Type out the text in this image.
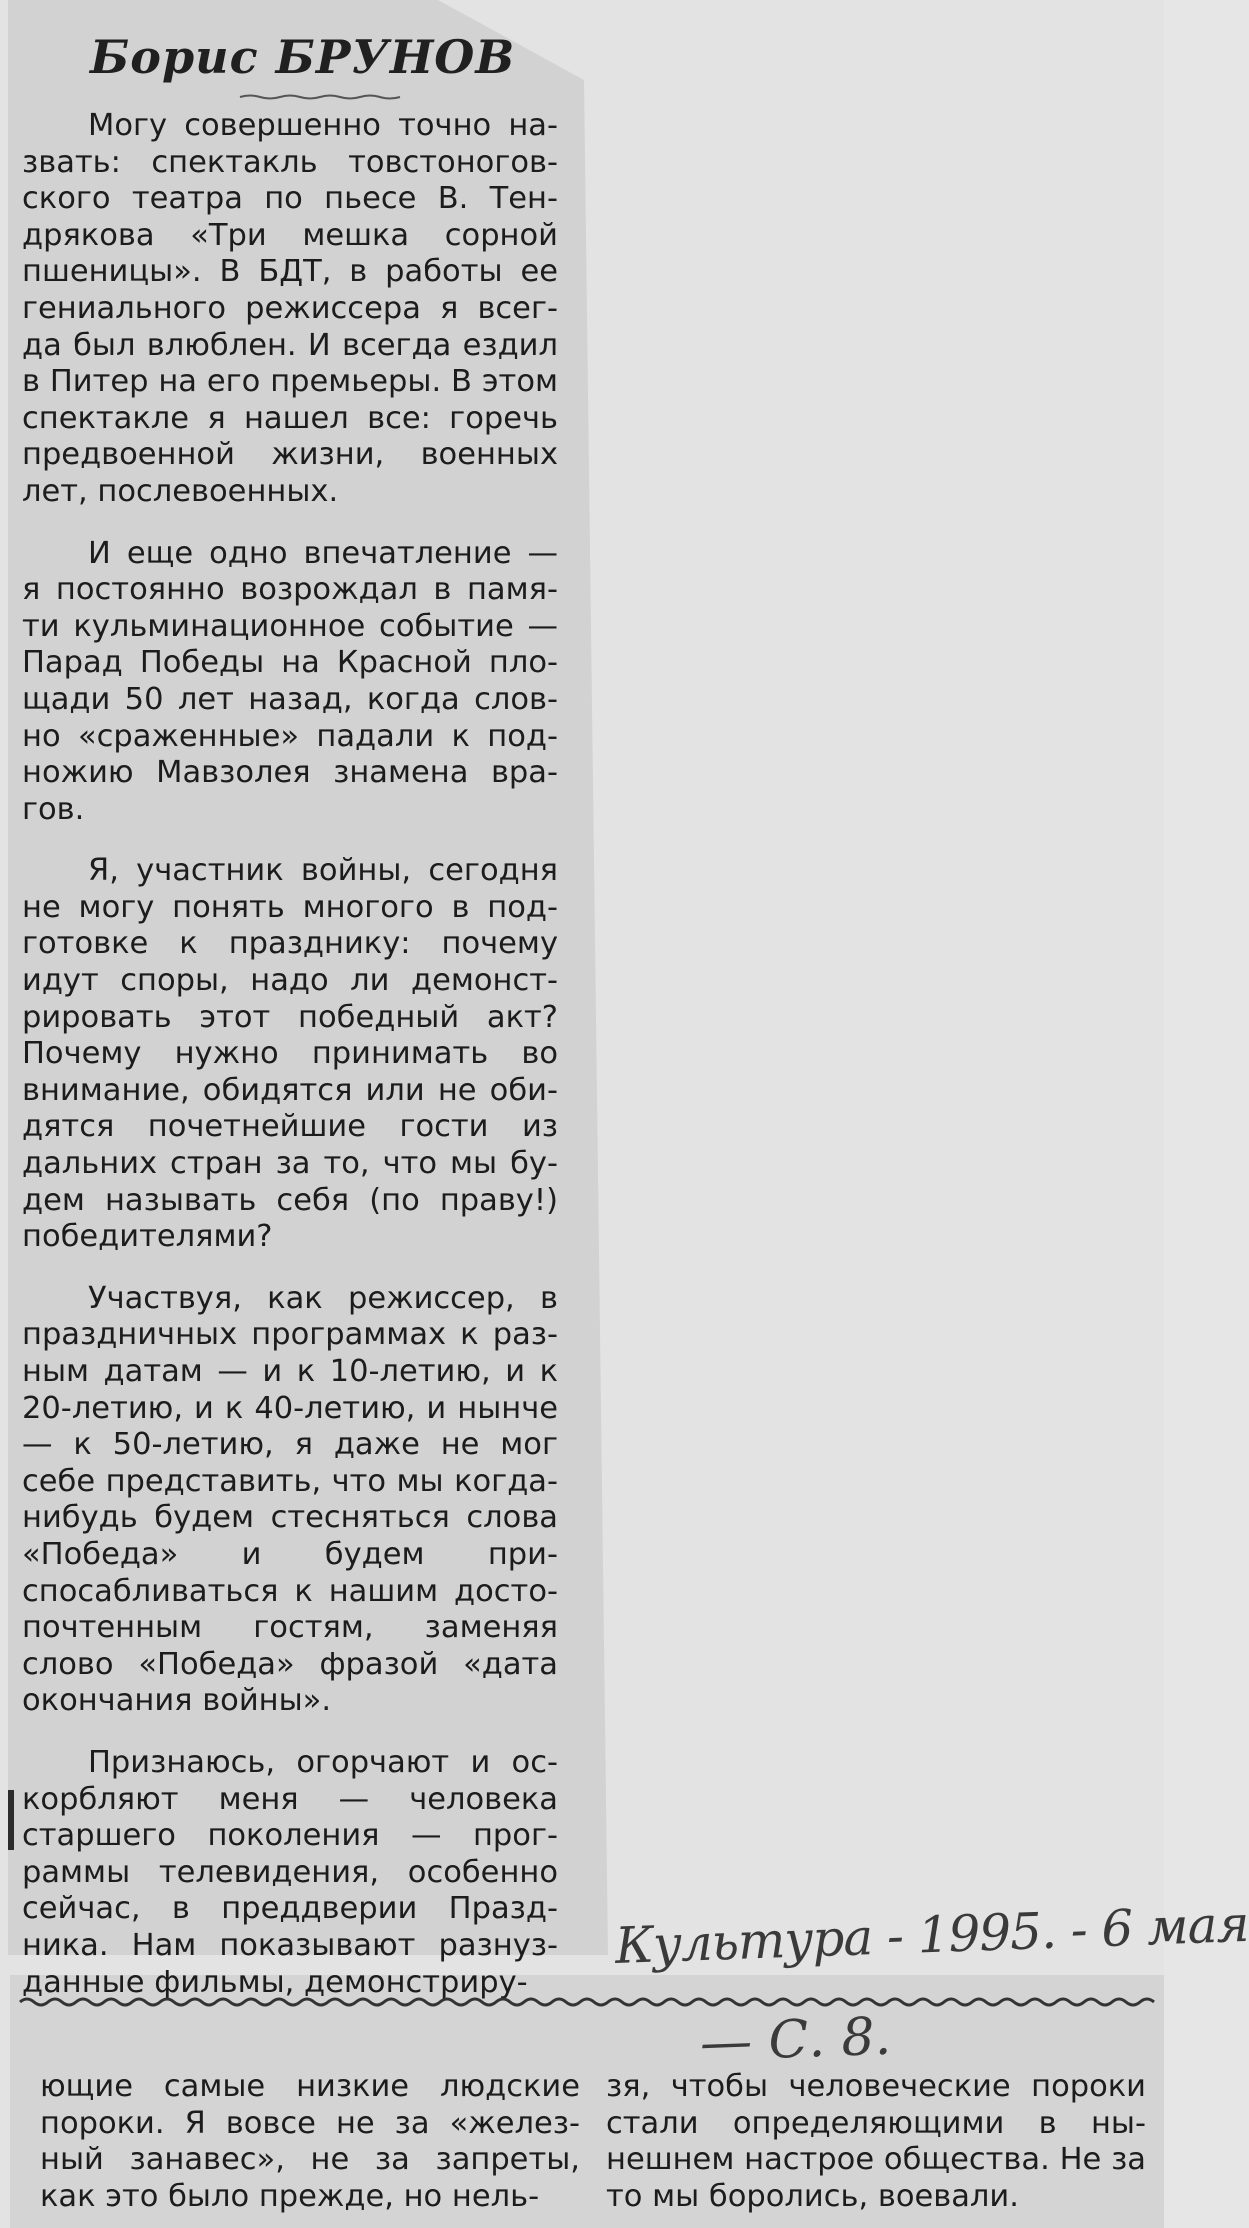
Борис БРУНОВ

Могу совершенно точно назвать: спектакль товстоноговского театра по пьесе В. Тендрякова «Три мешка сорной пшеницы». В БДТ, в работы ее гениального режиссера я всегда был влюблен. И всегда ездил в Питер на его премьеры. В этом спектакле я нашел все: горечь предвоенной жизни, военных лет, послевоенных.

И еще одно впечатление — я постоянно возрождал в памяти кульминационное событие — Парад Победы на Красной площади 50 лет назад, когда словно «сраженные» падали к подножию Мавзолея знамена врагов.

Я, участник войны, сегодня не могу понять многого в подготовке к празднику: почему идут споры, надо ли демонстрировать этот победный акт? Почему нужно принимать во внимание, обидятся или не обидятся почетнейшие гости из дальних стран за то, что мы будем называть себя (по праву!) победителями?

Участвуя, как режиссер, в праздничных программах к разным датам — и к 10-летию, и к 20-летию, и к 40-летию, и нынче — к 50-летию, я даже не мог себе представить, что мы когда-нибудь будем стесняться слова «Победа» и будем приспосабливаться к нашим достопочтенным гостям, заменяя слово «Победа» фразой «дата окончания войны».

Признаюсь, огорчают и оскорбляют меня — человека старшего поколения — программы телевидения, особенно сейчас, в преддверии Праздника. Нам показывают разнузданные фильмы, демонстриру-

Культура - 1995. - 6 мая
— С. 8.

ющие самые низкие людские пороки. Я вовсе не за «железный занавес», не за запреты, как это было прежде, но нель-

зя, чтобы человеческие пороки стали определяющими в нынешнем настрое общества. Не за то мы боролись, воевали.
